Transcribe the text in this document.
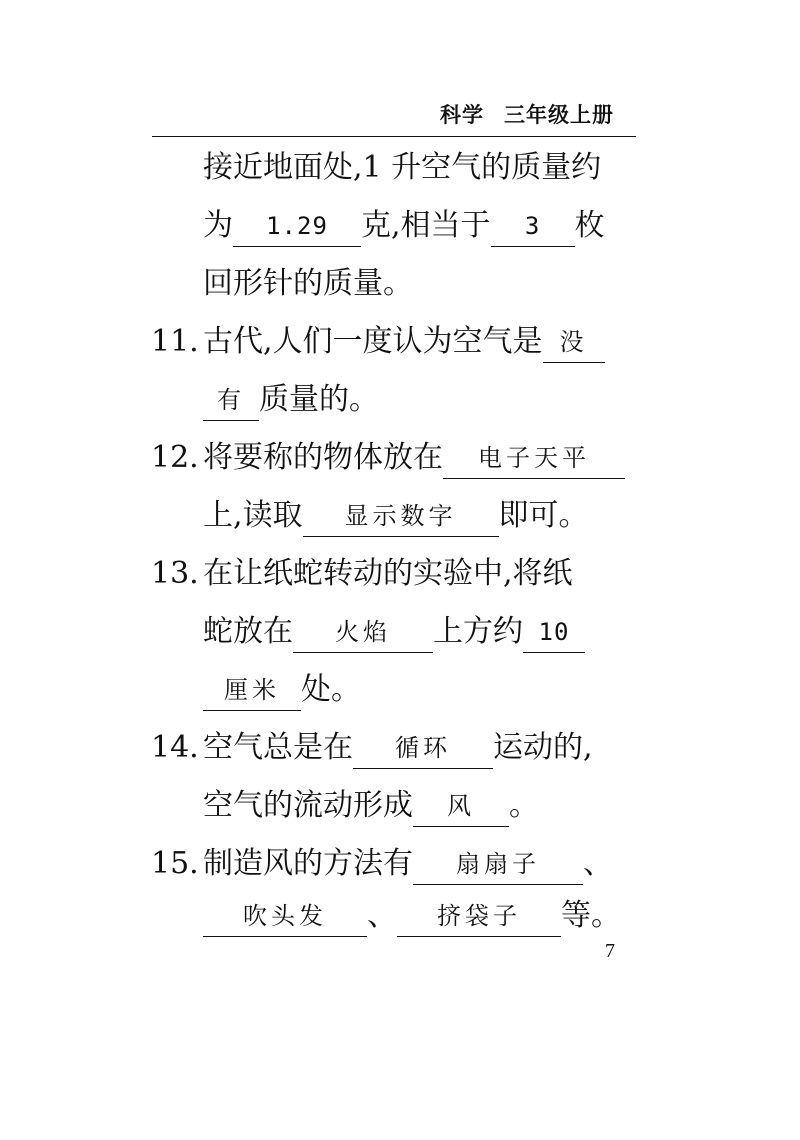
科学 三年级上册
接近地面处,1 升空气的质量约
为 1.29 克,相当于 3 枚
回形针的质量。
11. 古代,人们一度认为空气是 没
有 质量的。
12. 将要称的物体放在 电子天平
上,读取 显示数字 即可。
13. 在让纸蛇转动的实验中,将纸
蛇放在 火焰 上方约 10
厘米 处。
14. 空气总是在 循环 运动的,
空气的流动形成 风 。
15. 制造风的方法有 扇扇子 、
吹头发 、 挤袋子 等。
7
